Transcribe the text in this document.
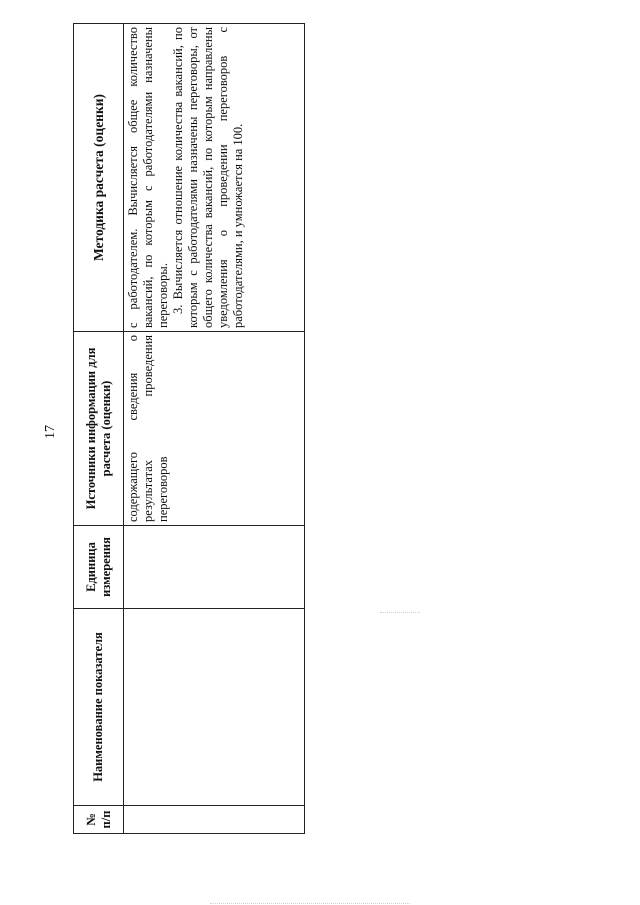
17
№ п/п	Наименование показателя	Единица измерения	Источники информации для расчета (оценки)	Методика расчета (оценки)

			содержащего сведения о результатах проведения переговоров	с работодателем. Вычисляется общее количество вакансий, по которым с работодателями назначены переговоры. 3. Вычисляется отношение количества вакансий, по которым с работодателями назначены переговоры, от общего количества вакансий, по которым направлены уведомления о проведении переговоров с работодателями, и умножается на 100.
